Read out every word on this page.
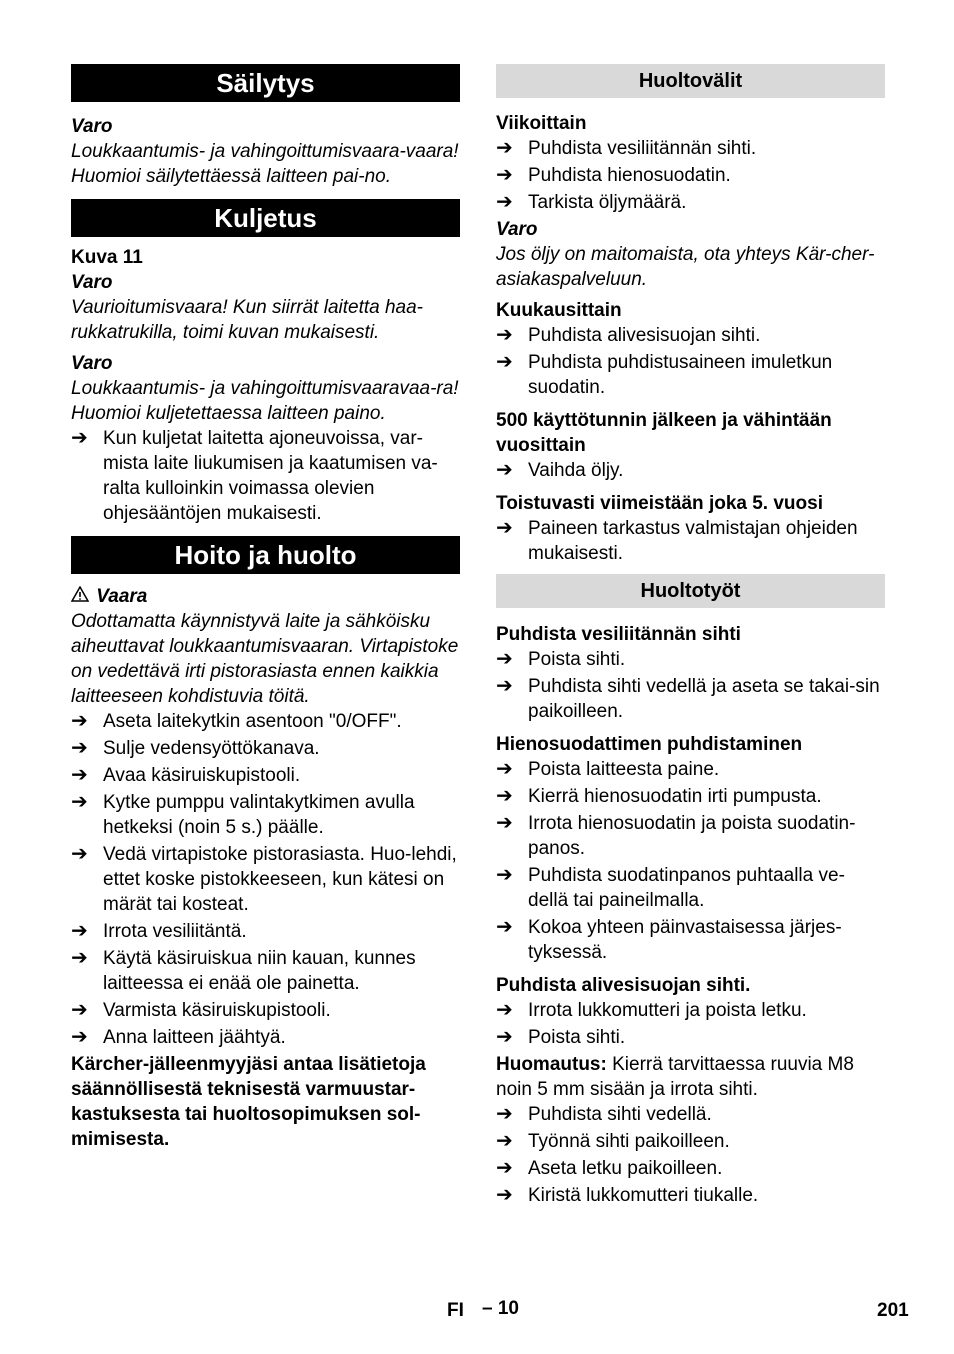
Säilytys
Varo
Loukkaantumis- ja vahingoittumisvaara-vaara! Huomioi säilytettäessä laitteen pai-no.
Kuljetus
Kuva 11
Varo
Vaurioitumisvaara! Kun siirrät laitetta haa-rukkatrukilla, toimi kuvan mukaisesti.
Varo
Loukkaantumis- ja vahingoittumisvaaravaa-ra! Huomioi kuljetettaessa laitteen paino.
➔ Kun kuljetat laitetta ajoneuvoissa, var-mista laite liukumisen ja kaatumisen va-ralta kulloinkin voimassa olevien ohjesääntöjen mukaisesti.
Hoito ja huolto
Vaara
Odottamatta käynnistyvä laite ja sähköisku aiheuttavat loukkaantumisvaaran. Virtapistoke on vedettävä irti pistorasiasta ennen kaikkia laitteeseen kohdistuvia töitä.
➔ Aseta laitekytkin asentoon "0/OFF".
➔ Sulje vedensyöttökanava.
➔ Avaa käsiruiskupistooli.
➔ Kytke pumppu valintakytkimen avulla hetkeksi (noin 5 s.) päälle.
➔ Vedä virtapistoke pistorasiasta. Huo-lehdi, ettet koske pistokkeeseen, kun kätesi on märät tai kosteat.
➔ Irrota vesiliitäntä.
➔ Käytä käsiruiskua niin kauan, kunnes laitteessa ei enää ole painetta.
➔ Varmista käsiruiskupistooli.
➔ Anna laitteen jäähtyä.
Kärcher-jälleenmyyjäsi antaa lisätietoja säännöllisestä teknisestä varmuustar-kastuksesta tai huoltosopimuksen sol-mimisesta.
Huoltovälit
Viikoittain
➔ Puhdista vesiliitännän sihti.
➔ Puhdista hienosuodatin.
➔ Tarkista öljymäärä.
Varo
Jos öljy on maitomaista, ota yhteys Kär-cher-asiakaspalveluun.
Kuukausittain
➔ Puhdista alivesisuojan sihti.
➔ Puhdista puhdistusaineen imuletkun suodatin.
500 käyttötunnin jälkeen ja vähintään vuosittain
➔ Vaihda öljy.
Toistuvasti viimeistään joka 5. vuosi
➔ Paineen tarkastus valmistajan ohjeiden mukaisesti.
Huoltotyöt
Puhdista vesiliitännän sihti
➔ Poista sihti.
➔ Puhdista sihti vedellä ja aseta se takai-sin paikoilleen.
Hienosuodattimen puhdistaminen
➔ Poista laitteesta paine.
➔ Kierrä hienosuodatin irti pumpusta.
➔ Irrota hienosuodatin ja poista suodatin-panos.
➔ Puhdista suodatinpanos puhtaalla ve-dellä tai paineilmalla.
➔ Kokoa yhteen päinvastaisessa järjes-tyksessä.
Puhdista alivesisuojan sihti.
➔ Irrota lukkomutteri ja poista letku.
➔ Poista sihti.
Huomautus: Kierrä tarvittaessa ruuvia M8 noin 5 mm sisään ja irrota sihti.
➔ Puhdista sihti vedellä.
➔ Työnnä sihti paikoilleen.
➔ Aseta letku paikoilleen.
➔ Kiristä lukkomutteri tiukalle.
FI – 10	201
